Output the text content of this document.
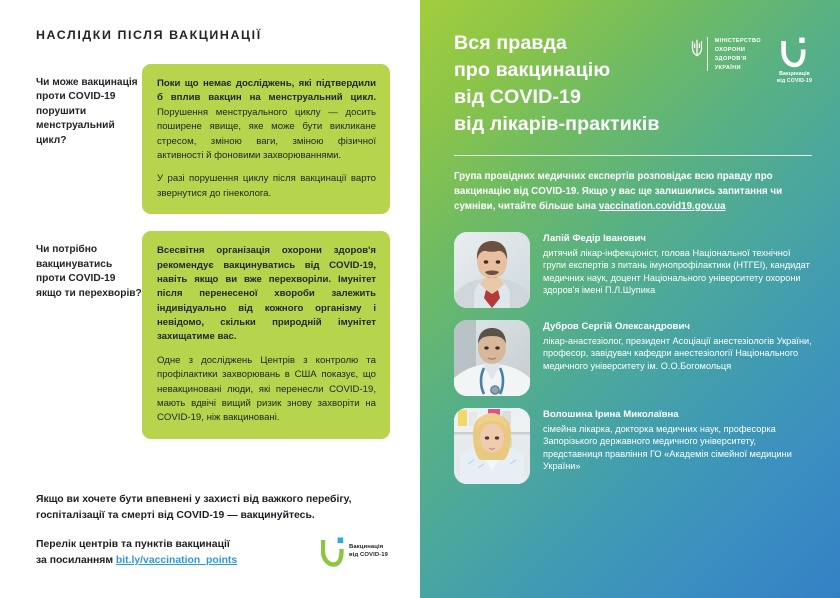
НАСЛІДКИ ПІСЛЯ ВАКЦИНАЦІЇ
Чи може вакцинація проти COVID-19 порушити менструальний цикл?

Поки що немає досліджень, які підтвердили б вплив вакцин на менструальний цикл. Порушення менструального циклу — досить поширене явище, яке може бути викликане стресом, зміною ваги, зміною фізичної активності й фоновими захворюваннями.

У разі порушення циклу після вакцинації варто звернутися до гінеколога.

Чи потрібно вакцинуватись проти COVID-19 якщо ти перехворів?

Всесвітня організація охорони здоров'я рекомендує вакцинуватись від COVID-19, навіть якщо ви вже перехворіли. Імунітет після перенесеної хвороби залежить індивідуально від кожного організму і невідомо, скільки природній імунітет захищатиме вас.

Одне з досліджень Центрів з контролю та профілактики захворювань в США показує, що невакциновані люди, які перенесли COVID-19, мають вдвічі вищий ризик знову захворіти на COVID-19, ніж вакциновані.

Якщо ви хочете бути впевнені у захисті від важкого перебігу, госпіталізації та смерті від COVID-19 — вакцинуйтесь.
Перелік центрів та пунктів вакцинації
за посиланням bit.ly/vaccination_points
Вакцинація
від COVID-19
Вся правда
про вакцинацію
від COVID-19
від лікарів-практиків
МІНІСТЕРСТВО
ОХОРОНИ
ЗДОРОВ'Я
УКРАЇНИ
Вакцинація
від COVID-19
Група провідних медичних експертів розповідає всю правду про вакцинацію від COVID-19. Якщо у вас ще залишились запитання чи сумніви, читайте більше ына vaccination.covid19.gov.ua
Лапій Федір Іванович
дитячий лікар-інфекціоніст, голова Національної технічної групи експертів з питань імунопрофілактики (НТГЕІ), кандидат медичних наук, доцент Національного університету охорони здоров'я імені П.Л.Шупика
Дубров Сергій Олександрович
лікар-анастезіолог, президент Асоціації анестезіологів України, професор, завідувач кафедри анестезіології Національного медичного університету ім. О.О.Богомольця
Волошина Ірина Миколаївна
сімейна лікарка, докторка медичних наук, професорка Запорізького державного медичного університету, представниця правління ГО «Академія сімейної медицини України»
